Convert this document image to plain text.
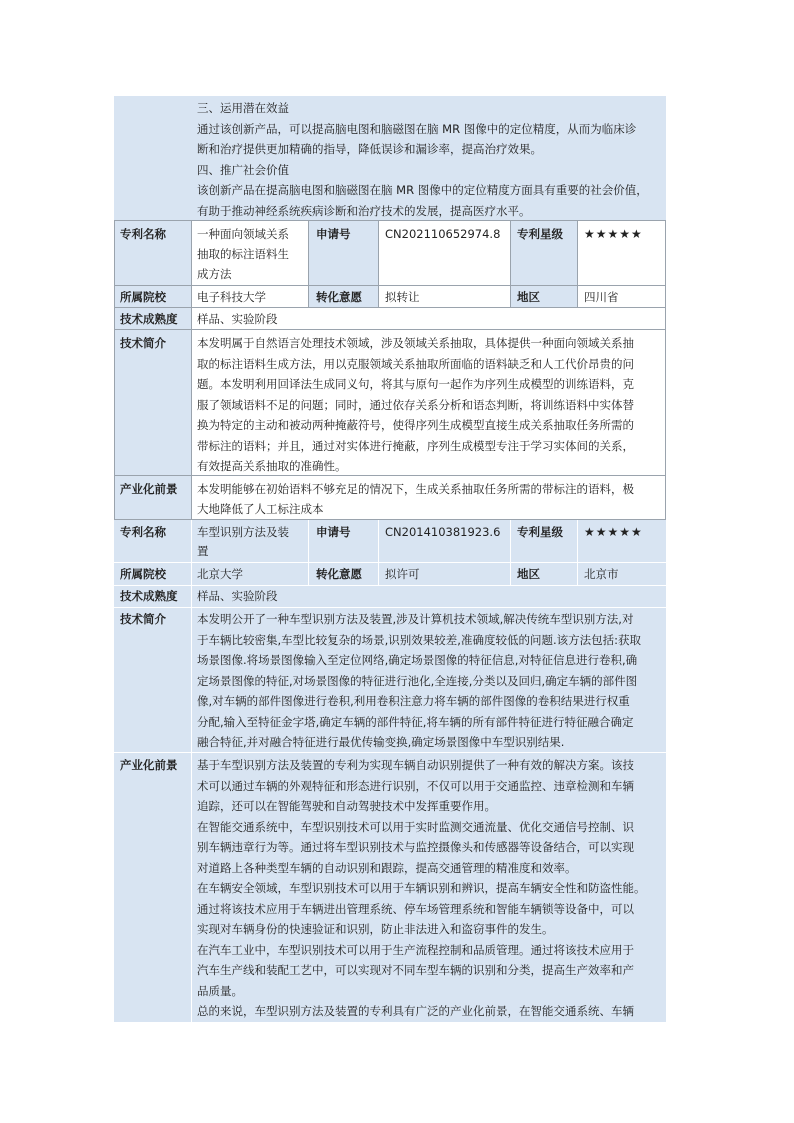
三、运用潜在效益
通过该创新产品，可以提高脑电图和脑磁图在脑 MR 图像中的定位精度，从而为临床诊
断和治疗提供更加精确的指导，降低误诊和漏诊率，提高治疗效果。
四、推广社会价值
该创新产品在提高脑电图和脑磁图在脑 MR 图像中的定位精度方面具有重要的社会价值，
有助于推动神经系统疾病诊断和治疗技术的发展，提高医疗水平。
专利名称	一种面向领域关系
抽取的标注语料生
成方法
申请号	CN202110652974.8 专利星级 ★★★★★
所属院校	电子科技大学	转化意愿 拟转让	地区	四川省
技术成熟度 样品、实验阶段
技术简介	本发明属于自然语言处理技术领域，涉及领域关系抽取，具体提供一种面向领域关系抽
取的标注语料生成方法，用以克服领域关系抽取所面临的语料缺乏和人工代价昂贵的问
题。本发明利用回译法生成同义句，将其与原句一起作为序列生成模型的训练语料，克
服了领域语料不足的问题；同时，通过依存关系分析和语态判断，将训练语料中实体替
换为特定的主动和被动两种掩蔽符号，使得序列生成模型直接生成关系抽取任务所需的
带标注的语料；并且，通过对实体进行掩蔽，序列生成模型专注于学习实体间的关系，
有效提高关系抽取的准确性。
产业化前景 本发明能够在初始语料不够充足的情况下，生成关系抽取任务所需的带标注的语料，极
大地降低了人工标注成本
专利名称	车型识别方法及装
置
申请号	CN201410381923.6 专利星级 ★★★★★
所属院校	北京大学	转化意愿 拟许可	地区	北京市
技术成熟度 样品、实验阶段
技术简介	本发明公开了一种车型识别方法及装置,涉及计算机技术领域,解决传统车型识别方法,对
于车辆比较密集,车型比较复杂的场景,识别效果较差,准确度较低的问题.该方法包括:获取
场景图像.将场景图像输入至定位网络,确定场景图像的特征信息,对特征信息进行卷积,确
定场景图像的特征,对场景图像的特征进行池化,全连接,分类以及回归,确定车辆的部件图
像,对车辆的部件图像进行卷积,利用卷积注意力将车辆的部件图像的卷积结果进行权重
分配,输入至特征金字塔,确定车辆的部件特征,将车辆的所有部件特征进行特征融合确定
融合特征,并对融合特征进行最优传输变换,确定场景图像中车型识别结果.
产业化前景 基于车型识别方法及装置的专利为实现车辆自动识别提供了一种有效的解决方案。该技
术可以通过车辆的外观特征和形态进行识别，不仅可以用于交通监控、违章检测和车辆
追踪，还可以在智能驾驶和自动驾驶技术中发挥重要作用。
在智能交通系统中，车型识别技术可以用于实时监测交通流量、优化交通信号控制、识
别车辆违章行为等。通过将车型识别技术与监控摄像头和传感器等设备结合，可以实现
对道路上各种类型车辆的自动识别和跟踪，提高交通管理的精准度和效率。
在车辆安全领域，车型识别技术可以用于车辆识别和辨识，提高车辆安全性和防盗性能。
通过将该技术应用于车辆进出管理系统、停车场管理系统和智能车辆锁等设备中，可以
实现对车辆身份的快速验证和识别，防止非法进入和盗窃事件的发生。
在汽车工业中，车型识别技术可以用于生产流程控制和品质管理。通过将该技术应用于
汽车生产线和装配工艺中，可以实现对不同车型车辆的识别和分类，提高生产效率和产
品质量。
总的来说，车型识别方法及装置的专利具有广泛的产业化前景，在智能交通系统、车辆
